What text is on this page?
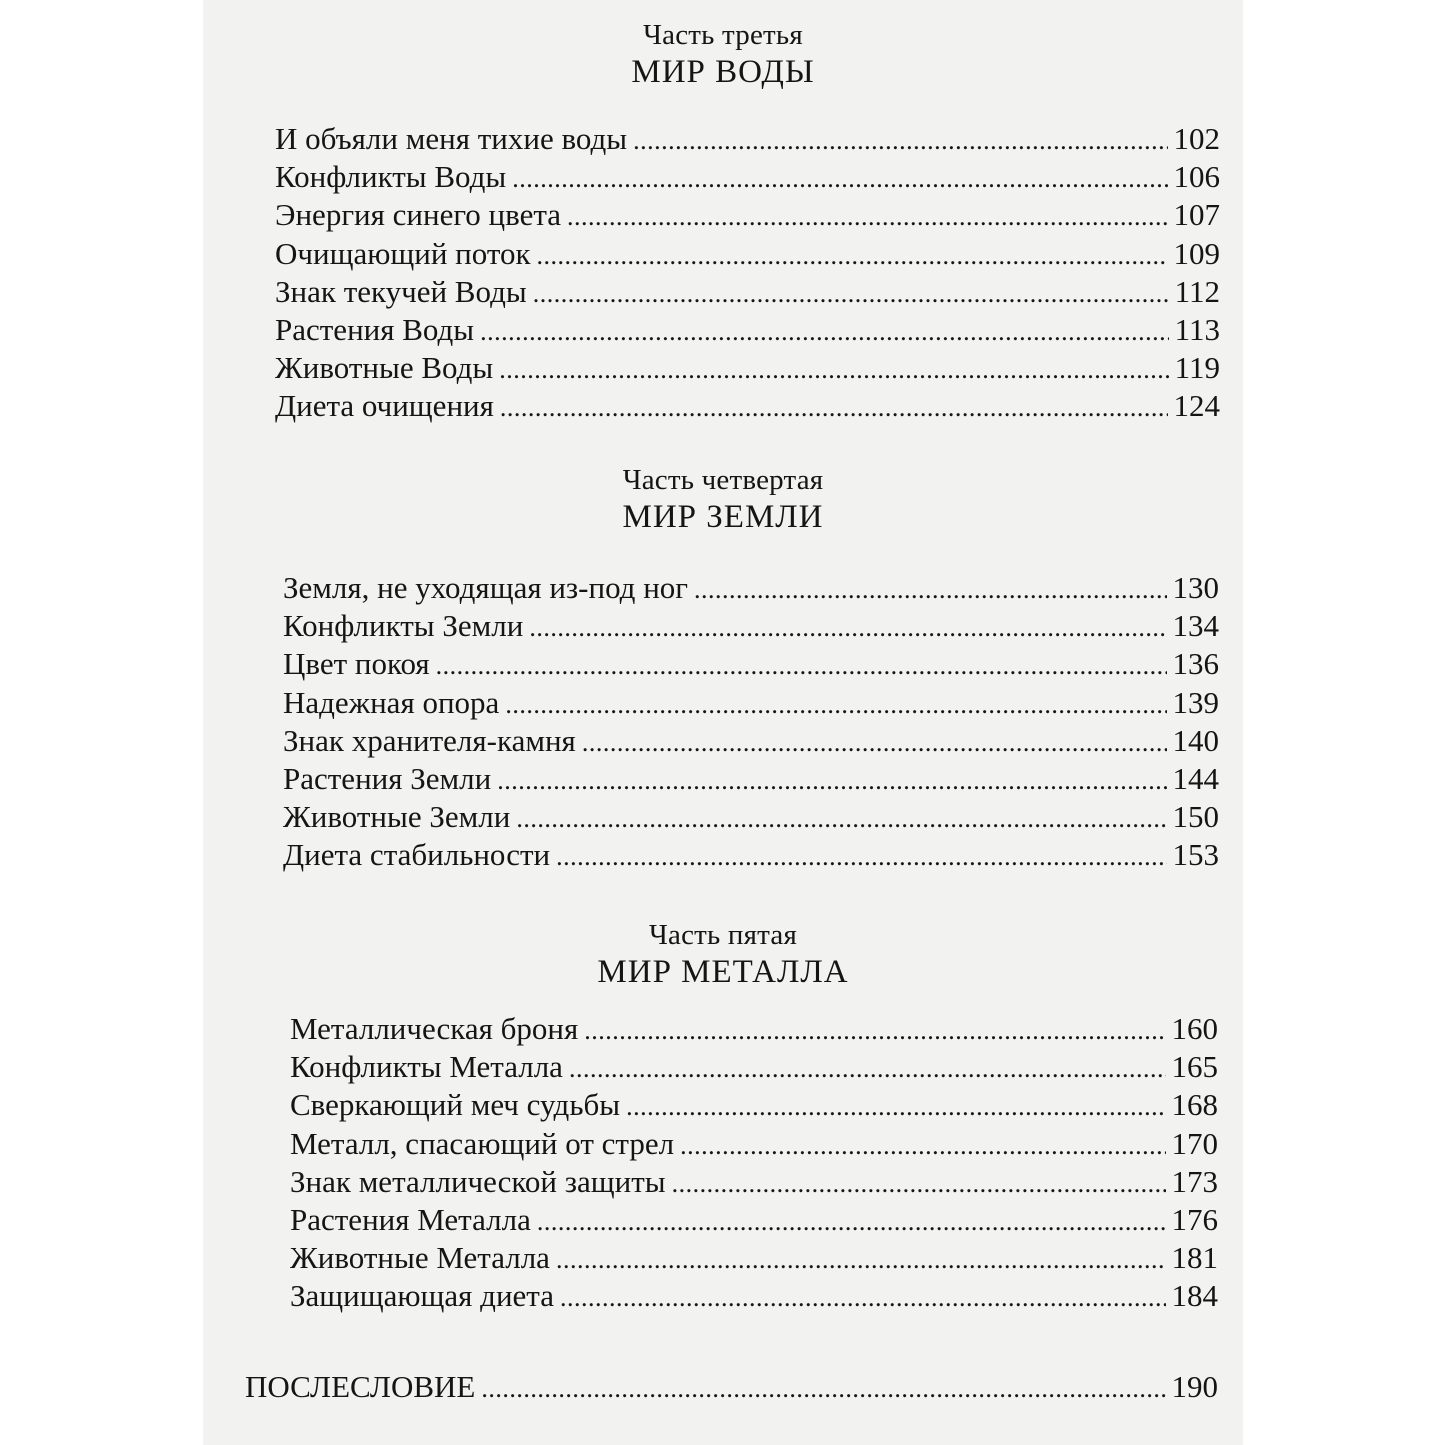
Часть третья
МИР ВОДЫ
И объяли меня тихие воды . . .	102
Конфликты Воды . . .	106
Энергия синего цвета . . .	107
Очищающий поток . . .	109
Знак текучей Воды . . .	112
Растения Воды . . .	113
Животные Воды . . .	119
Диета очищения . . .	124
Часть четвертая
МИР ЗЕМЛИ
Земля, не уходящая из-под ног . . .	130
Конфликты Земли . . .	134
Цвет покоя . . .	136
Надежная опора . . .	139
Знак хранителя-камня . . .	140
Растения Земли . . .	144
Животные Земли . . .	150
Диета стабильности . . .	153
Часть пятая
МИР МЕТАЛЛА
Металлическая броня . . .	160
Конфликты Металла . . .	165
Сверкающий меч судьбы . . .	168
Металл, спасающий от стрел . . .	170
Знак металлической защиты . . .	173
Растения Металла . . .	176
Животные Металла . . .	181
Защищающая диета . . .	184
ПОСЛЕСЛОВИЕ . . .	190
